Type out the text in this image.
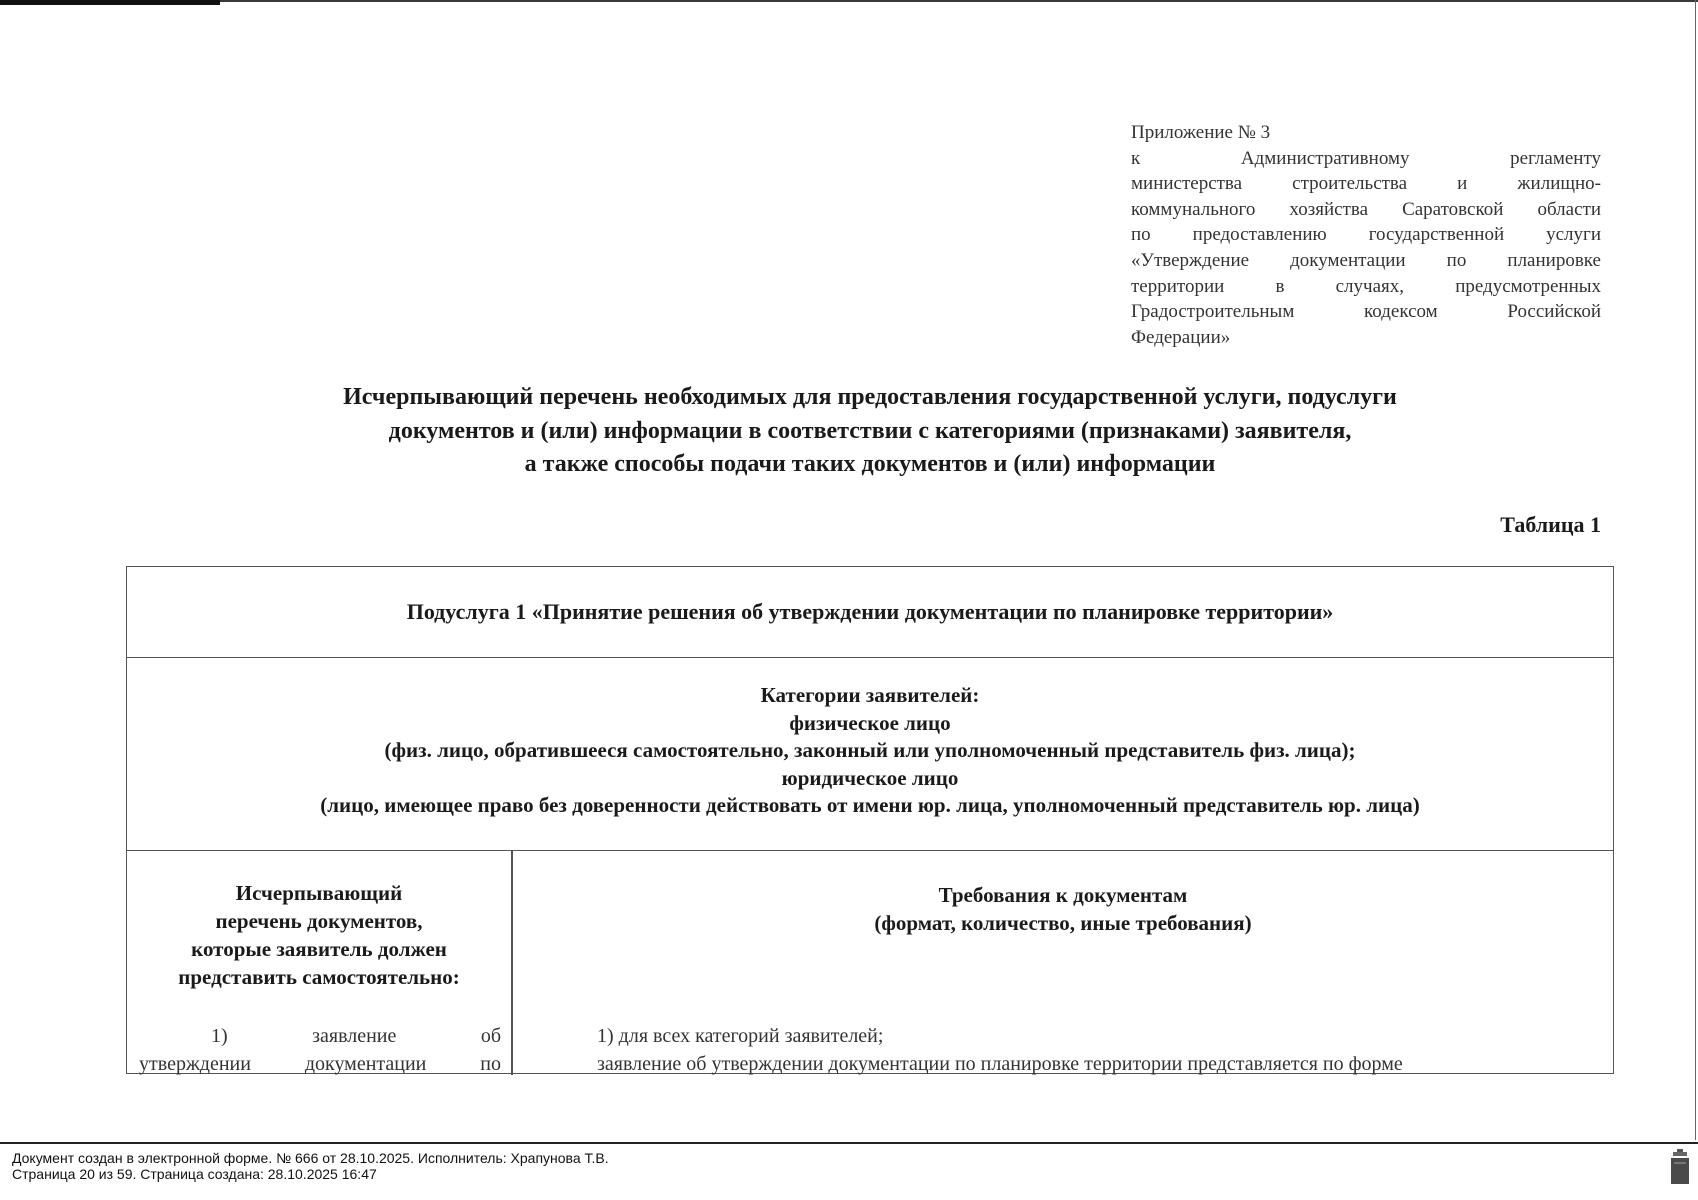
Приложение № 3
к Административному регламенту
министерства строительства и жилищно-
коммунального хозяйства Саратовской области
по предоставлению государственной услуги
«Утверждение документации по планировке
территории в случаях, предусмотренных
Градостроительным кодексом Российской
Федерации»
Исчерпывающий перечень необходимых для предоставления государственной услуги, подуслуги
документов и (или) информации в соответствии с категориями (признаками) заявителя,
а также способы подачи таких документов и (или) информации
Таблица 1
Подуслуга 1 «Принятие решения об утверждении документации по планировке территории»
Категории заявителей:
физическое лицо
(физ. лицо, обратившееся самостоятельно, законный или уполномоченный представитель физ. лица);
юридическое лицо
(лицо, имеющее право без доверенности действовать от имени юр. лица, уполномоченный представитель юр. лица)
Исчерпывающий
перечень документов,
которые заявитель должен
представить самостоятельно:
1) заявление об
утверждении документации по
Требования к документам
(формат, количество, иные требования)
1) для всех категорий заявителей;
заявление об утверждении документации по планировке территории представляется по форме
Документ создан в электронной форме. № 666 от 28.10.2025. Исполнитель: Храпунова Т.В.
Страница 20 из 59. Страница создана: 28.10.2025 16:47
